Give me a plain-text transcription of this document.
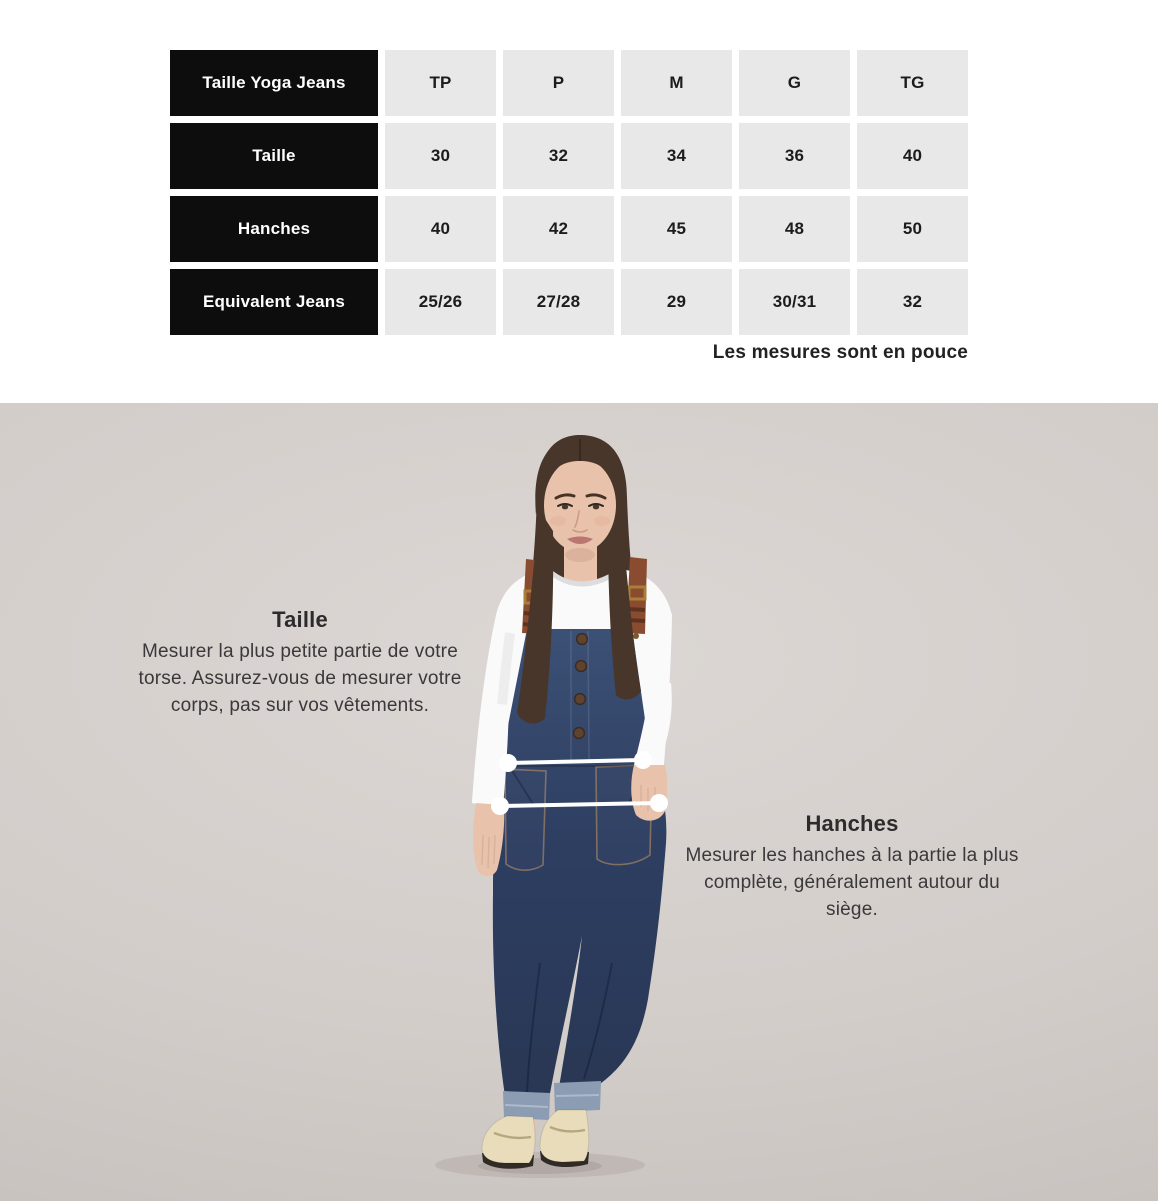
Taille Yoga Jeans	TP	P	M	G	TG
Taille	30	32	34	36	40
Hanches	40	42	45	48	50
Equivalent Jeans	25/26	27/28	29	30/31	32
Les mesures sont en pouce
Taille

Mesurer la plus petite partie de votre torse. Assurez-vous de mesurer votre corps, pas sur vos vêtements.

Hanches

Mesurer les hanches à la partie la plus complète, généralement autour du siège.
